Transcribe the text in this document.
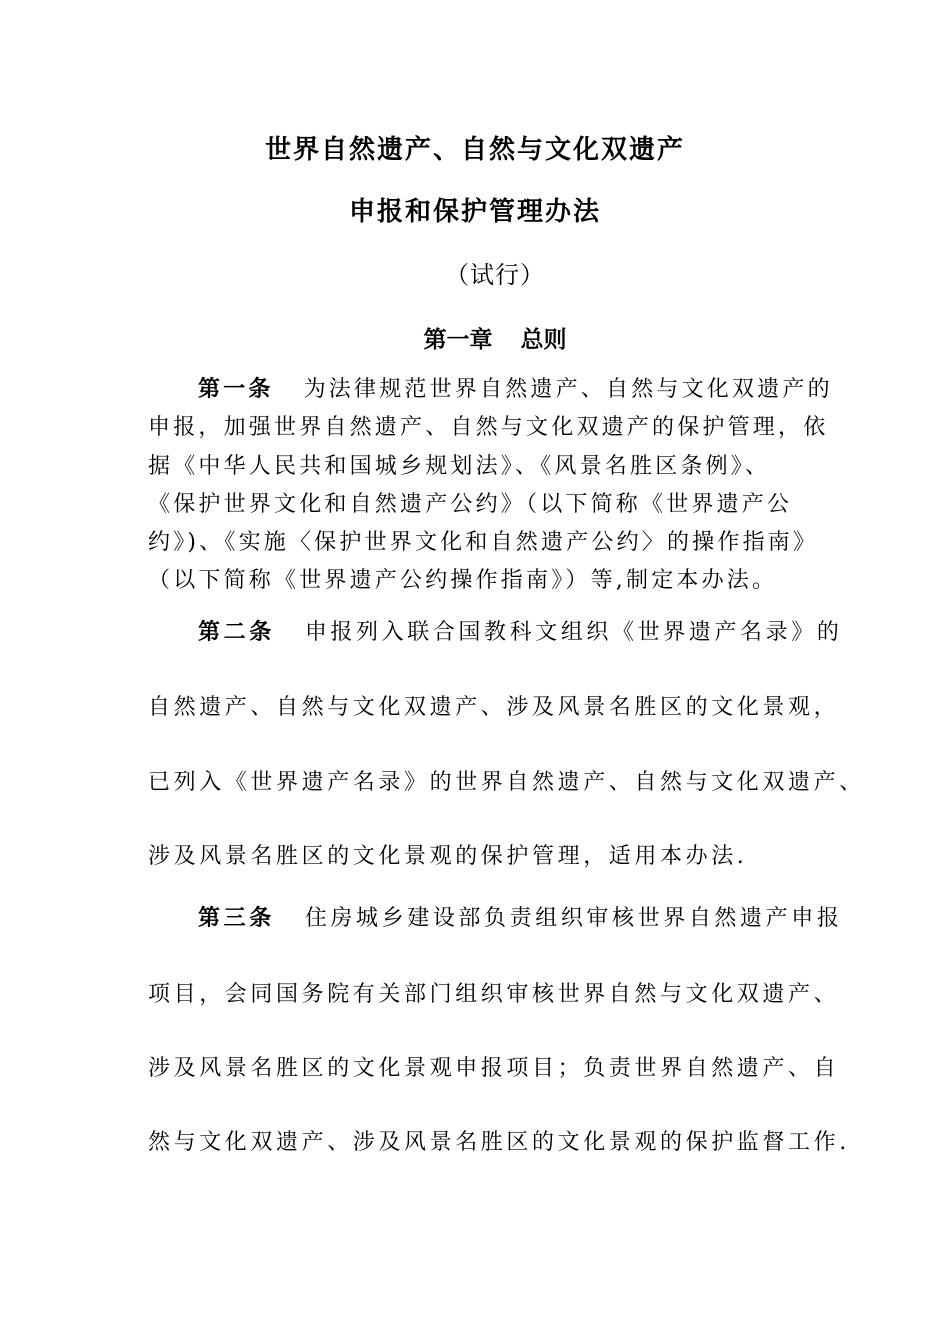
世界自然遗产、自然与文化双遗产
申报和保护管理办法
（试行）
第一章 总则
第一条 为法律规范世界自然遗产、自然与文化双遗产的
申报，加强世界自然遗产、自然与文化双遗产的保护管理，依
据《中华人民共和国城乡规划法》、《风景名胜区条例》、
《保护世界文化和自然遗产公约》（以下简称《世界遗产公
约》)、《实施〈保护世界文化和自然遗产公约〉的操作指南》
（以下简称《世界遗产公约操作指南》）等,制定本办法。
第二条 申报列入联合国教科文组织《世界遗产名录》的
自然遗产、自然与文化双遗产、涉及风景名胜区的文化景观，
已列入《世界遗产名录》的世界自然遗产、自然与文化双遗产、
涉及风景名胜区的文化景观的保护管理，适用本办法.
第三条 住房城乡建设部负责组织审核世界自然遗产申报
项目，会同国务院有关部门组织审核世界自然与文化双遗产、
涉及风景名胜区的文化景观申报项目；负责世界自然遗产、自
然与文化双遗产、涉及风景名胜区的文化景观的保护监督工作.
